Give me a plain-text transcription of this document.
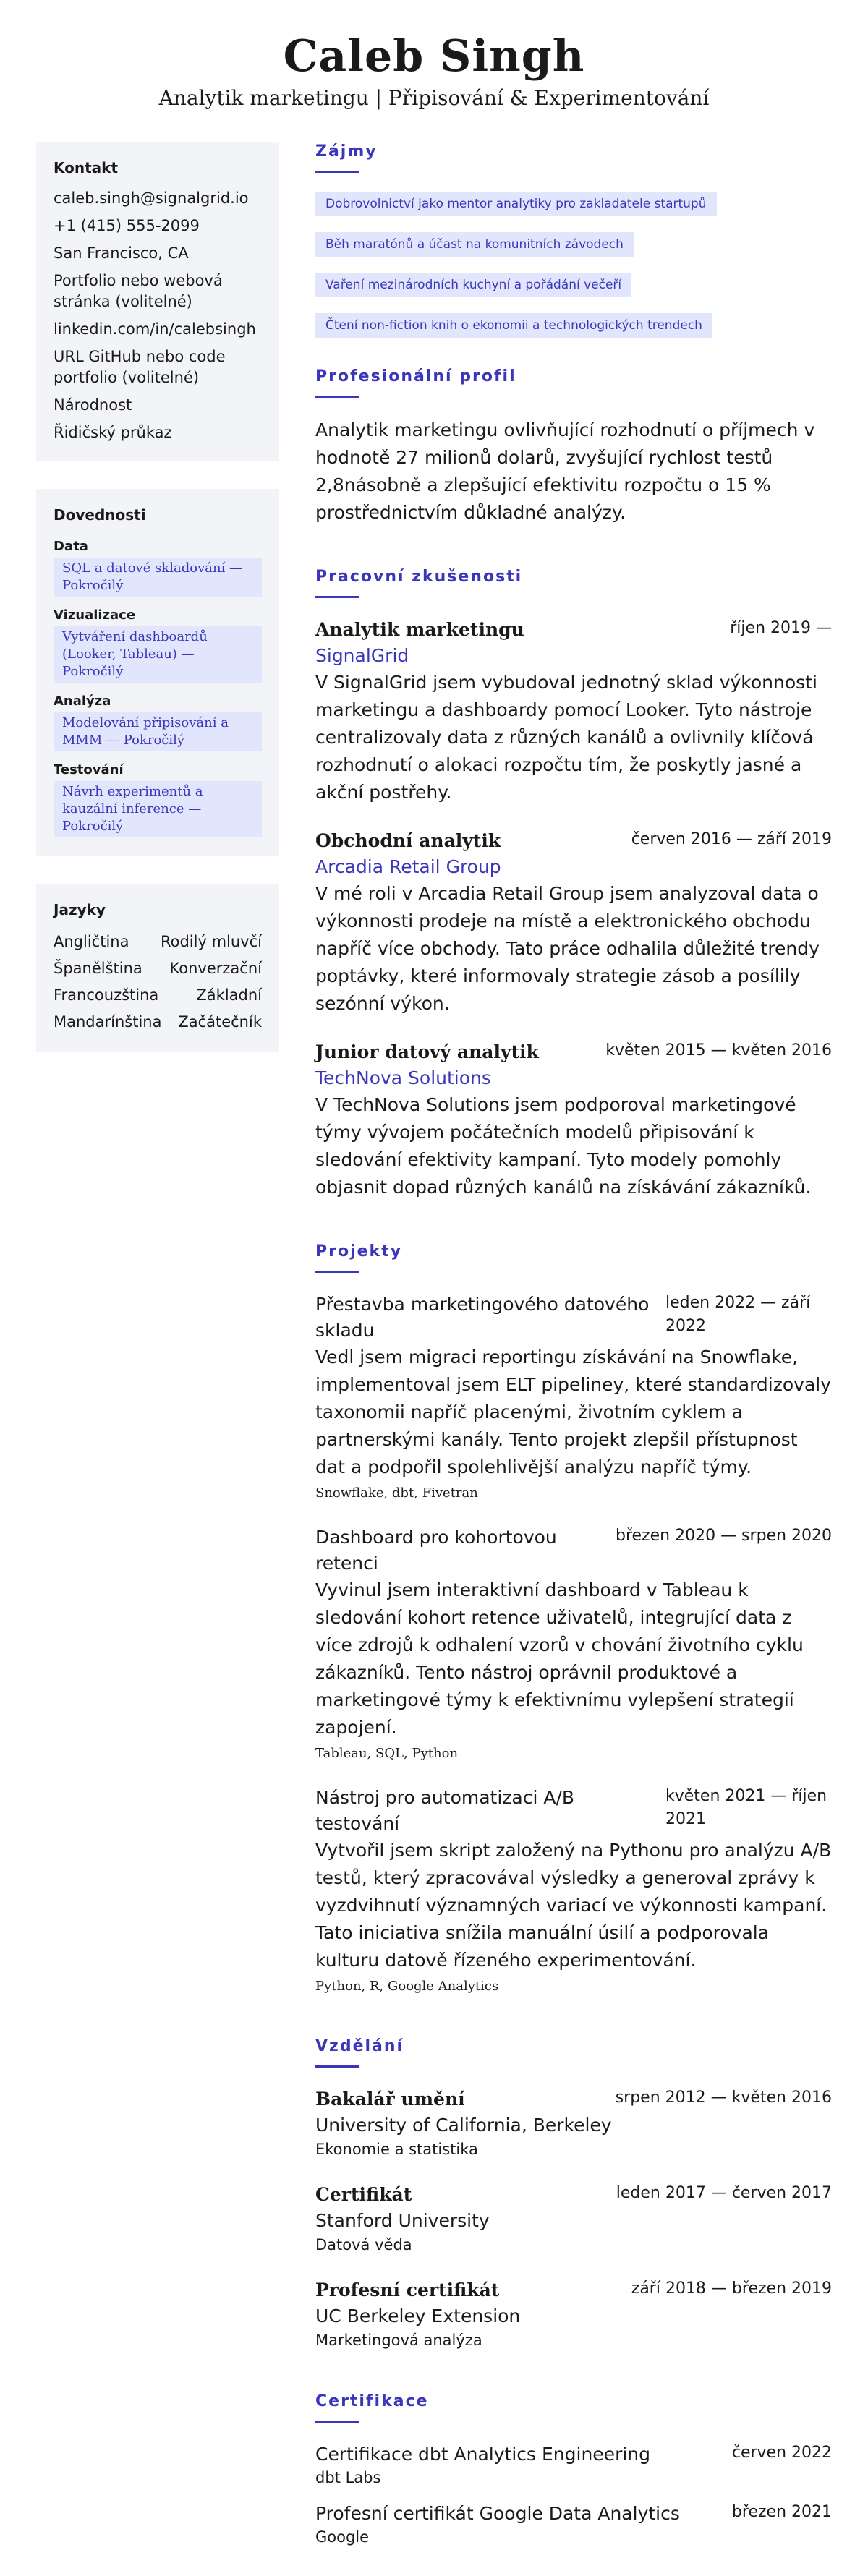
Caleb Singh
Analytik marketingu | Připisování & Experimentování
Kontakt
caleb.singh@signalgrid.io
+1 (415) 555-2099
San Francisco, CA
Portfolio nebo webová stránka (volitelné)
linkedin.com/in/calebsingh
URL GitHub nebo code portfolio (volitelné)
Národnost
Řidičský průkaz
Dovednosti
Data
SQL a datové skladování — Pokročilý
Vizualizace
Vytváření dashboardů (Looker, Tableau) — Pokročilý
Analýza
Modelování připisování a MMM — Pokročilý
Testování
Návrh experimentů a kauzální inference — Pokročilý
Jazyky
Angličtina Rodilý mluvčí
Španělština Konverzační
Francouzština Základní
Mandarínština Začátečník
Zájmy
Dobrovolnictví jako mentor analytiky pro zakladatele startupů
Běh maratónů a účast na komunitních závodech
Vaření mezinárodních kuchyní a pořádání večeří
Čtení non-fiction knih o ekonomii a technologických trendech
Profesionální profil
Analytik marketingu ovlivňující rozhodnutí o příjmech v hodnotě 27 milionů dolarů, zvyšující rychlost testů 2,8násobně a zlepšující efektivitu rozpočtu o 15 % prostřednictvím důkladné analýzy.
Pracovní zkušenosti
Analytik marketingu	říjen 2019 —
SignalGrid
V SignalGrid jsem vybudoval jednotný sklad výkonnosti marketingu a dashboardy pomocí Looker. Tyto nástroje centralizovaly data z různých kanálů a ovlivnily klíčová rozhodnutí o alokaci rozpočtu tím, že poskytly jasné a akční postřehy.
Obchodní analytik	červen 2016 — září 2019
Arcadia Retail Group
V mé roli v Arcadia Retail Group jsem analyzoval data o výkonnosti prodeje na místě a elektronického obchodu napříč více obchody. Tato práce odhalila důležité trendy poptávky, které informovaly strategie zásob a posílily sezónní výkon.
Junior datový analytik	květen 2015 — květen 2016
TechNova Solutions
V TechNova Solutions jsem podporoval marketingové týmy vývojem počátečních modelů připisování k sledování efektivity kampaní. Tyto modely pomohly objasnit dopad různých kanálů na získávání zákazníků.
Projekty
Přestavba marketingového datového skladu
leden 2022 — září 2022
Vedl jsem migraci reportingu získávání na Snowflake, implementoval jsem ELT pipeliney, které standardizovaly taxonomii napříč placenými, životním cyklem a partnerskými kanály. Tento projekt zlepšil přístupnost dat a podpořil spolehlivější analýzu napříč týmy.
Snowflake, dbt, Fivetran
Dashboard pro kohortovou retenci
březen 2020 — srpen 2020
Vyvinul jsem interaktivní dashboard v Tableau k sledování kohort retence uživatelů, integrující data z více zdrojů k odhalení vzorů v chování životního cyklu zákazníků. Tento nástroj oprávnil produktové a marketingové týmy k efektivnímu vylepšení strategií zapojení.
Tableau, SQL, Python
Nástroj pro automatizaci A/B testování
květen 2021 — říjen 2021
Vytvořil jsem skript založený na Pythonu pro analýzu A/B testů, který zpracovával výsledky a generoval zprávy k vyzdvihnutí významných variací ve výkonnosti kampaní. Tato iniciativa snížila manuální úsilí a podporovala kulturu datově řízeného experimentování.
Python, R, Google Analytics
Vzdělání
Bakalář umění	srpen 2012 — květen 2016
University of California, Berkeley
Ekonomie a statistika
Certifikát	leden 2017 — červen 2017
Stanford University
Datová věda
Profesní certifikát	září 2018 — březen 2019
UC Berkeley Extension
Marketingová analýza
Certifikace
Certifikace dbt Analytics Engineering	červen 2022
dbt Labs
Profesní certifikát Google Data Analytics	březen 2021
Google
